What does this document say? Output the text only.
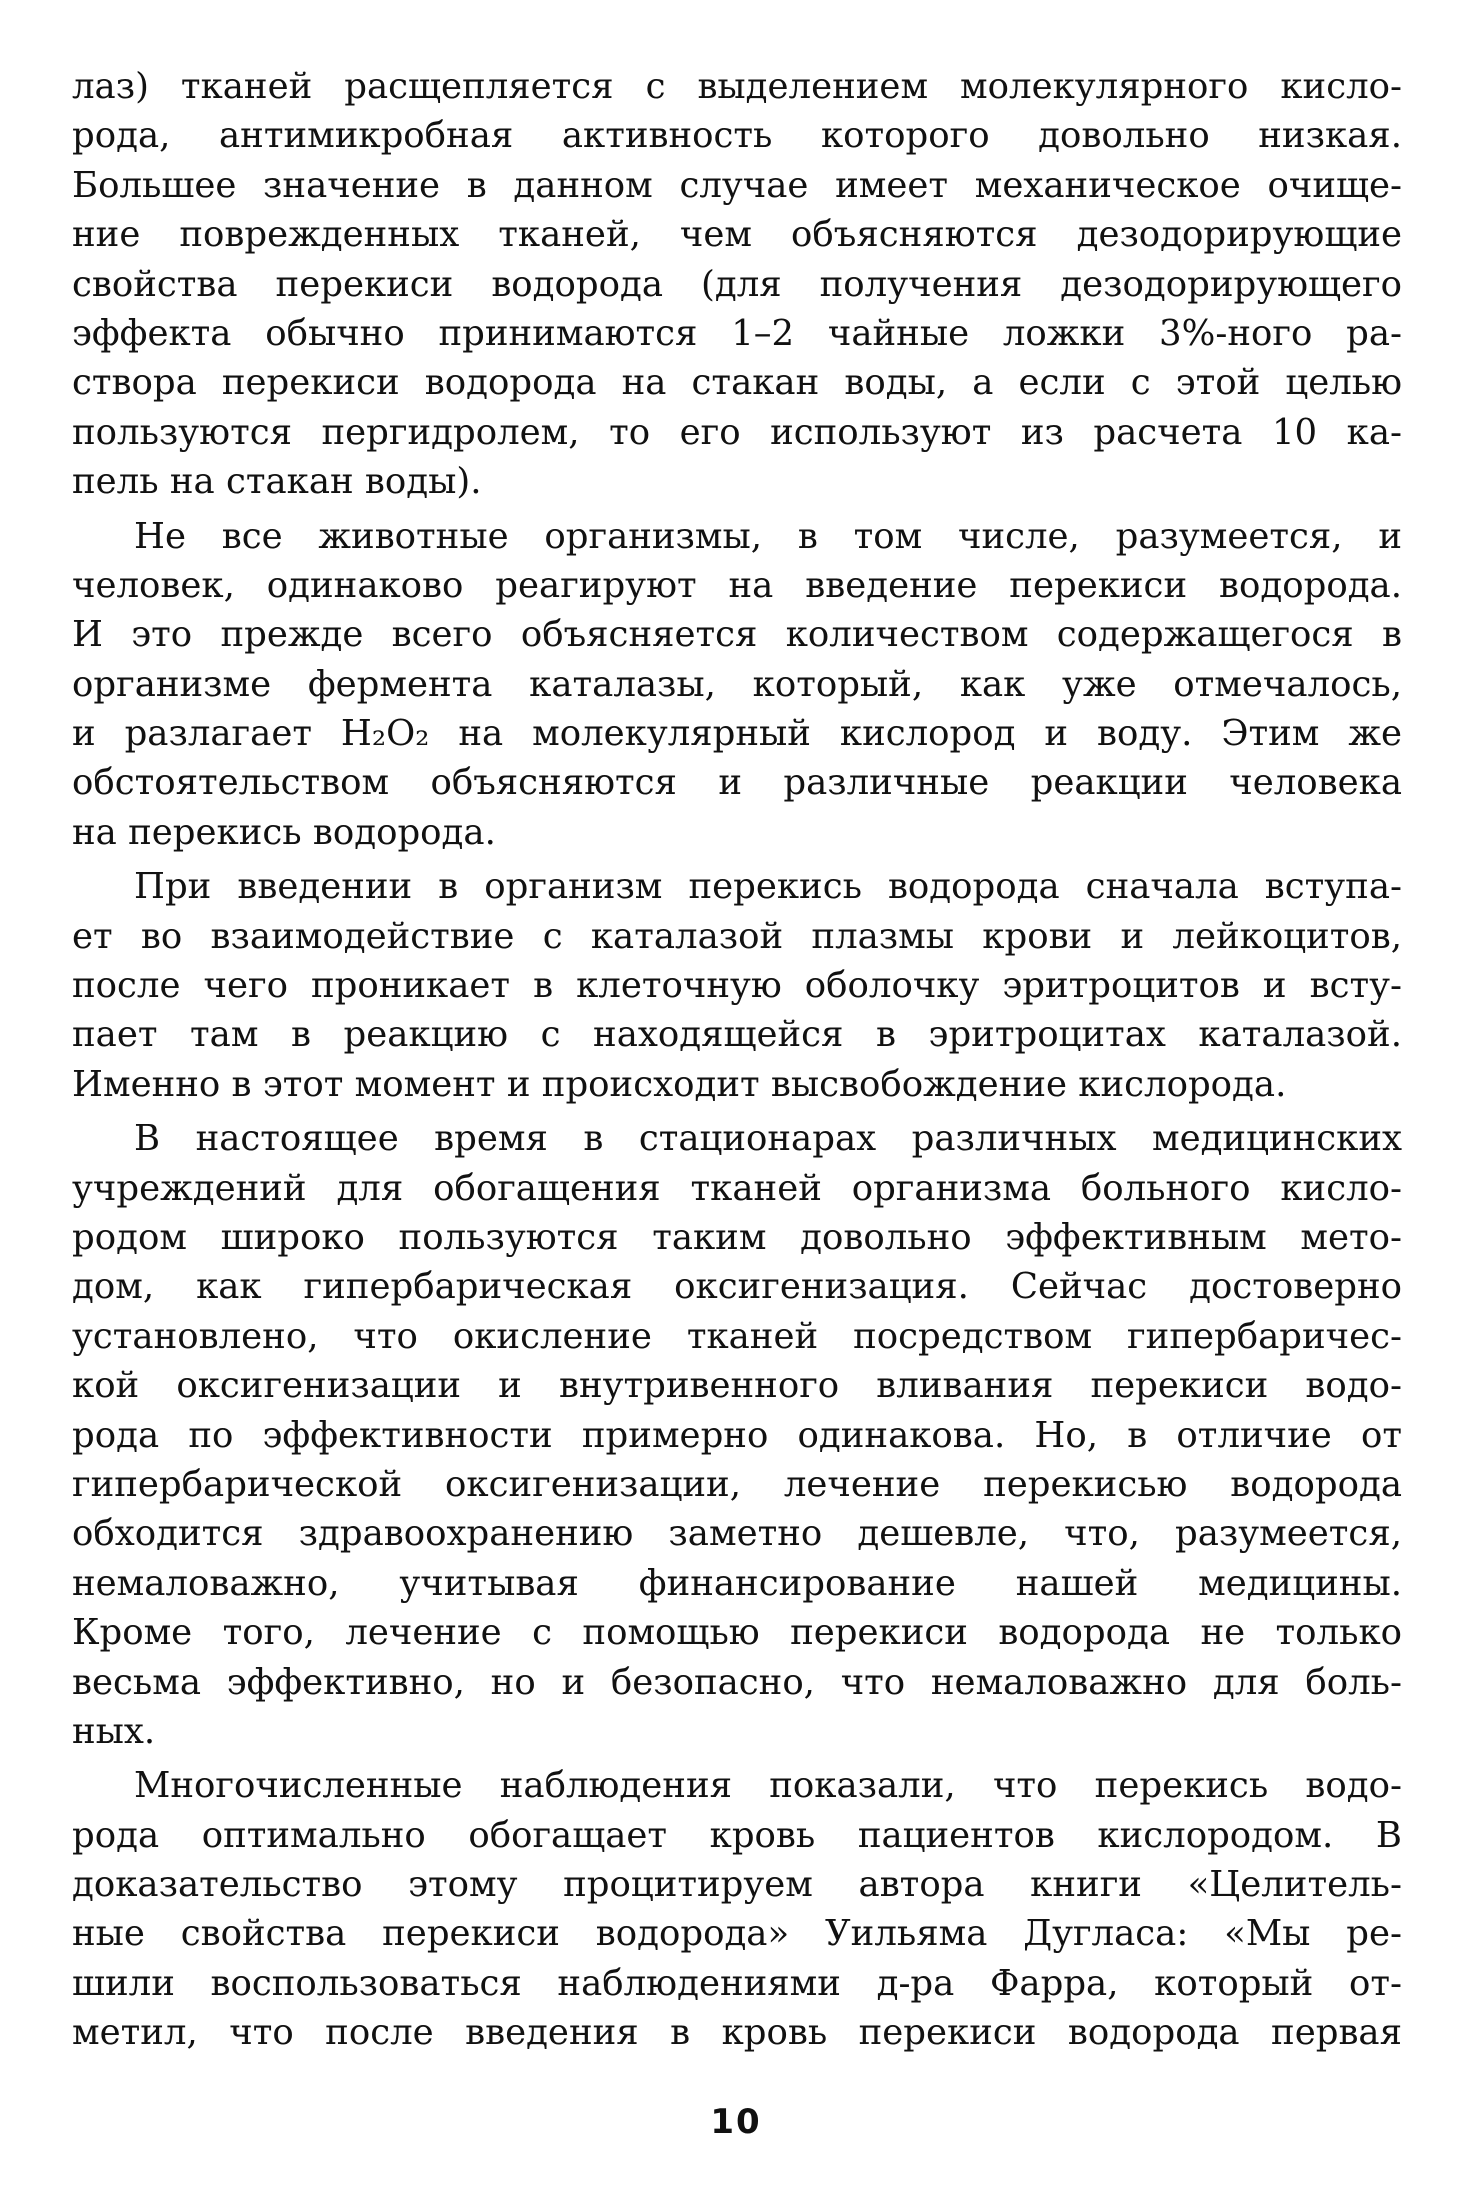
лаз) тканей расщепляется с выделением молекулярного кисло-
рода, антимикробная активность которого довольно низкая.
Большее значение в данном случае имеет механическое очище-
ние поврежденных тканей, чем объясняются дезодорирующие
свойства перекиси водорода (для получения дезодорирующего
эффекта обычно принимаются 1–2 чайные ложки 3%-ного ра-
створа перекиси водорода на стакан воды, а если с этой целью
пользуются пергидролем, то его используют из расчета 10 ка-
пель на стакан воды).
Не все животные организмы, в том числе, разумеется, и
человек, одинаково реагируют на введение перекиси водорода.
И это прежде всего объясняется количеством содержащегося в
организме фермента каталазы, который, как уже отмечалось,
и разлагает H₂O₂ на молекулярный кислород и воду. Этим же
обстоятельством объясняются и различные реакции человека
на перекись водорода.
При введении в организм перекись водорода сначала вступа-
ет во взаимодействие с каталазой плазмы крови и лейкоцитов,
после чего проникает в клеточную оболочку эритроцитов и всту-
пает там в реакцию с находящейся в эритроцитах каталазой.
Именно в этот момент и происходит высвобождение кислорода.
В настоящее время в стационарах различных медицинских
учреждений для обогащения тканей организма больного кисло-
родом широко пользуются таким довольно эффективным мето-
дом, как гипербарическая оксигенизация. Сейчас достоверно
установлено, что окисление тканей посредством гипербаричес-
кой оксигенизации и внутривенного вливания перекиси водо-
рода по эффективности примерно одинакова. Но, в отличие от
гипербарической оксигенизации, лечение перекисью водорода
обходится здравоохранению заметно дешевле, что, разумеется,
немаловажно, учитывая финансирование нашей медицины.
Кроме того, лечение с помощью перекиси водорода не только
весьма эффективно, но и безопасно, что немаловажно для боль-
ных.
Многочисленные наблюдения показали, что перекись водо-
рода оптимально обогащает кровь пациентов кислородом. В
доказательство этому процитируем автора книги «Целитель-
ные свойства перекиси водорода» Уильяма Дугласа: «Мы ре-
шили воспользоваться наблюдениями д-ра Фарра, который от-
метил, что после введения в кровь перекиси водорода первая
10
